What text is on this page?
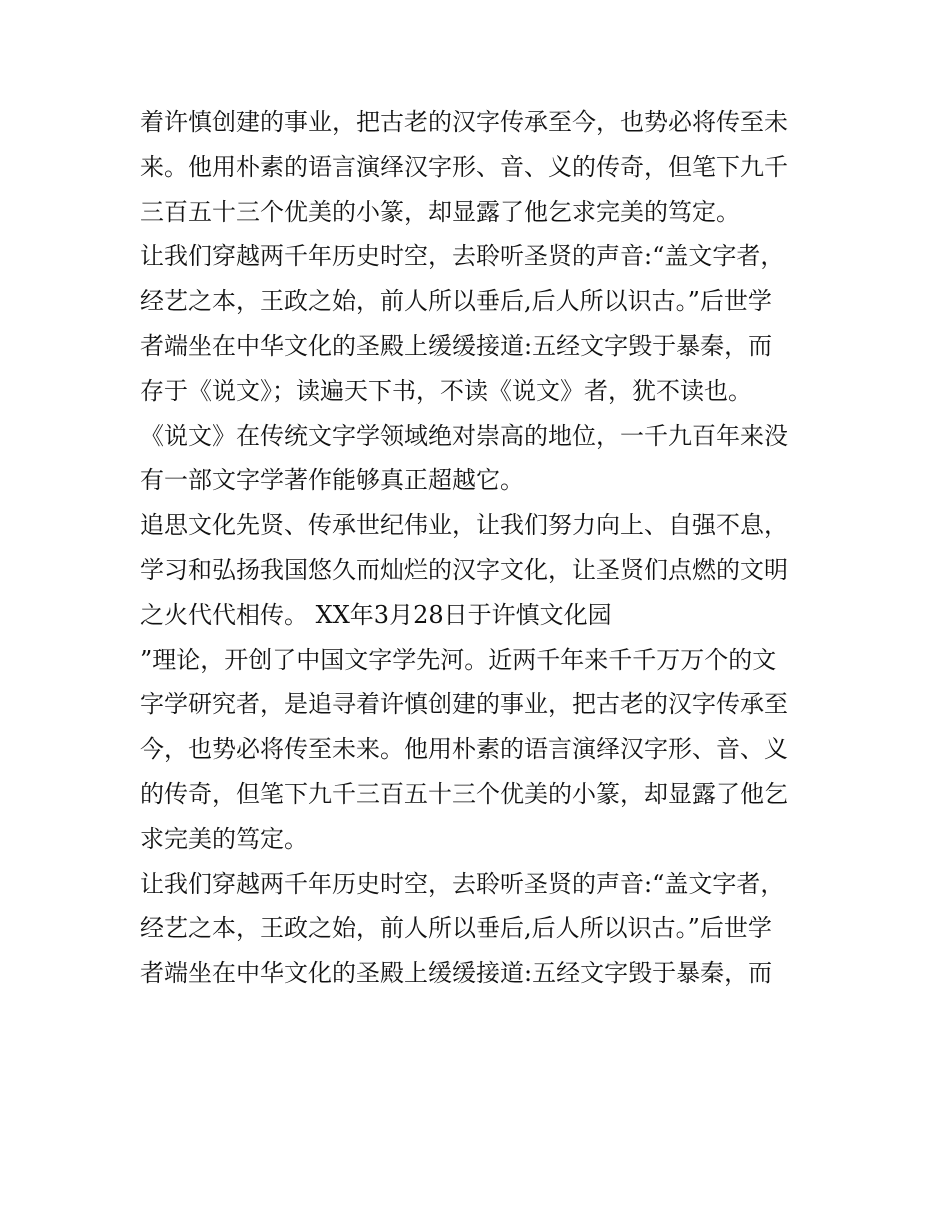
着许慎创建的事业，把古老的汉字传承至今，也势必将传至未
来。他用朴素的语言演绎汉字形、音、义的传奇，但笔下九千
三百五十三个优美的小篆，却显露了他乞求完美的笃定。
让我们穿越两千年历史时空，去聆听圣贤的声音:“盖文字者，
经艺之本，王政之始，前人所以垂后,后人所以识古。”后世学
者端坐在中华文化的圣殿上缓缓接道:五经文字毁于暴秦，而
存于《说文》；读遍天下书，不读《说文》者，犹不读也。
《说文》在传统文字学领域绝对崇高的地位，一千九百年来没
有一部文字学著作能够真正超越它。
追思文化先贤、传承世纪伟业，让我们努力向上、自强不息，
学习和弘扬我国悠久而灿烂的汉字文化，让圣贤们点燃的文明
之火代代相传。 XX年3月28日于许慎文化园
”理论，开创了中国文字学先河。近两千年来千千万万个的文
字学研究者，是追寻着许慎创建的事业，把古老的汉字传承至
今，也势必将传至未来。他用朴素的语言演绎汉字形、音、义
的传奇，但笔下九千三百五十三个优美的小篆，却显露了他乞
求完美的笃定。
让我们穿越两千年历史时空，去聆听圣贤的声音:“盖文字者，
经艺之本，王政之始，前人所以垂后,后人所以识古。”后世学
者端坐在中华文化的圣殿上缓缓接道:五经文字毁于暴秦，而
